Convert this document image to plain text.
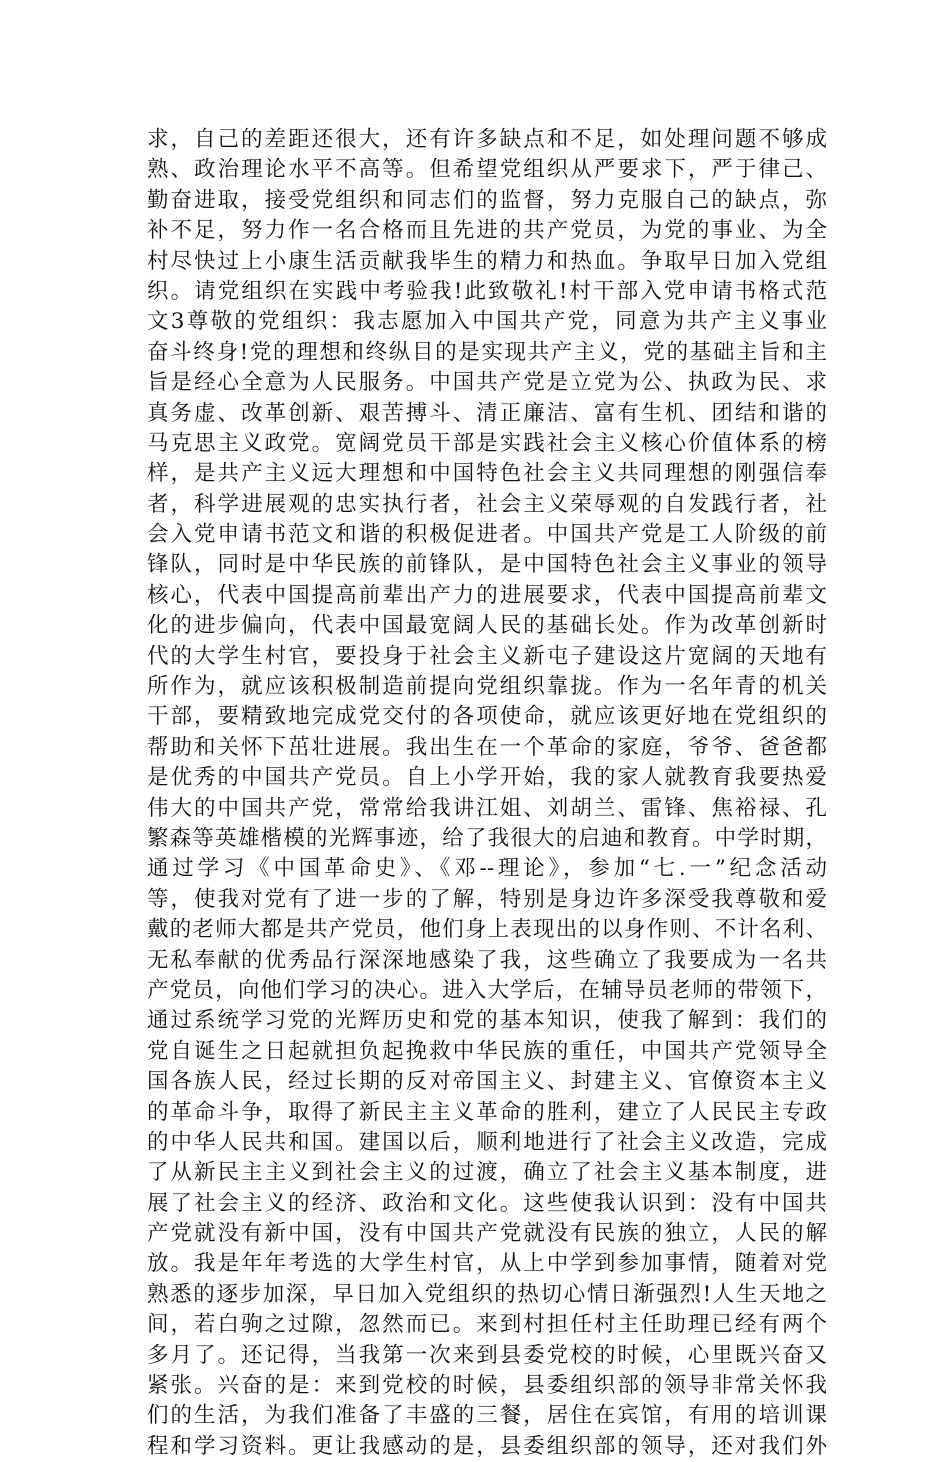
求，自己的差距还很大，还有许多缺点和不足，如处理问题不够成
熟、政治理论水平不高等。但希望党组织从严要求下，严于律己、
勤奋进取，接受党组织和同志们的监督，努力克服自己的缺点，弥
补不足，努力作一名合格而且先进的共产党员，为党的事业、为全
村尽快过上小康生活贡献我毕生的精力和热血。争取早日加入党组
织。请党组织在实践中考验我!此致敬礼!村干部入党申请书格式范
文3尊敬的党组织：我志愿加入中国共产党，同意为共产主义事业
奋斗终身!党的理想和终纵目的是实现共产主义，党的基础主旨和主
旨是经心全意为人民服务。中国共产党是立党为公、执政为民、求
真务虚、改革创新、艰苦搏斗、清正廉洁、富有生机、团结和谐的
马克思主义政党。宽阔党员干部是实践社会主义核心价值体系的榜
样，是共产主义远大理想和中国特色社会主义共同理想的刚强信奉
者，科学进展观的忠实执行者，社会主义荣辱观的自发践行者，社
会入党申请书范文和谐的积极促进者。中国共产党是工人阶级的前
锋队，同时是中华民族的前锋队，是中国特色社会主义事业的领导
核心，代表中国提高前辈出产力的进展要求，代表中国提高前辈文
化的进步偏向，代表中国最宽阔人民的基础长处。作为改革创新时
代的大学生村官，要投身于社会主义新屯子建设这片宽阔的天地有
所作为，就应该积极制造前提向党组织靠拢。作为一名年青的机关
干部，要精致地完成党交付的各项使命，就应该更好地在党组织的
帮助和关怀下茁壮进展。我出生在一个革命的家庭，爷爷、爸爸都
是优秀的中国共产党员。自上小学开始，我的家人就教育我要热爱
伟大的中国共产党，常常给我讲江姐、刘胡兰、雷锋、焦裕禄、孔
繁森等英雄楷模的光辉事迹，给了我很大的启迪和教育。中学时期，
通过学习《中国革命史》、《邓--理论》，参加“七.一”纪念活动
等，使我对党有了进一步的了解，特别是身边许多深受我尊敬和爱
戴的老师大都是共产党员，他们身上表现出的以身作则、不计名利、
无私奉献的优秀品行深深地感染了我，这些确立了我要成为一名共
产党员，向他们学习的决心。进入大学后，在辅导员老师的带领下，
通过系统学习党的光辉历史和党的基本知识，使我了解到：我们的
党自诞生之日起就担负起挽救中华民族的重任，中国共产党领导全
国各族人民，经过长期的反对帝国主义、封建主义、官僚资本主义
的革命斗争，取得了新民主主义革命的胜利，建立了人民民主专政
的中华人民共和国。建国以后，顺利地进行了社会主义改造，完成
了从新民主主义到社会主义的过渡，确立了社会主义基本制度，进
展了社会主义的经济、政治和文化。这些使我认识到：没有中国共
产党就没有新中国，没有中国共产党就没有民族的独立，人民的解
放。我是年年考选的大学生村官，从上中学到参加事情，随着对党
熟悉的逐步加深，早日加入党组织的热切心情日渐强烈!人生天地之
间，若白驹之过隙，忽然而已。来到村担任村主任助理已经有两个
多月了。还记得，当我第一次来到县委党校的时候，心里既兴奋又
紧张。兴奋的是：来到党校的时候，县委组织部的领导非常关怀我
们的生活，为我们准备了丰盛的三餐，居住在宾馆，有用的培训课
程和学习资料。更让我感动的是，县委组织部的领导，还对我们外
